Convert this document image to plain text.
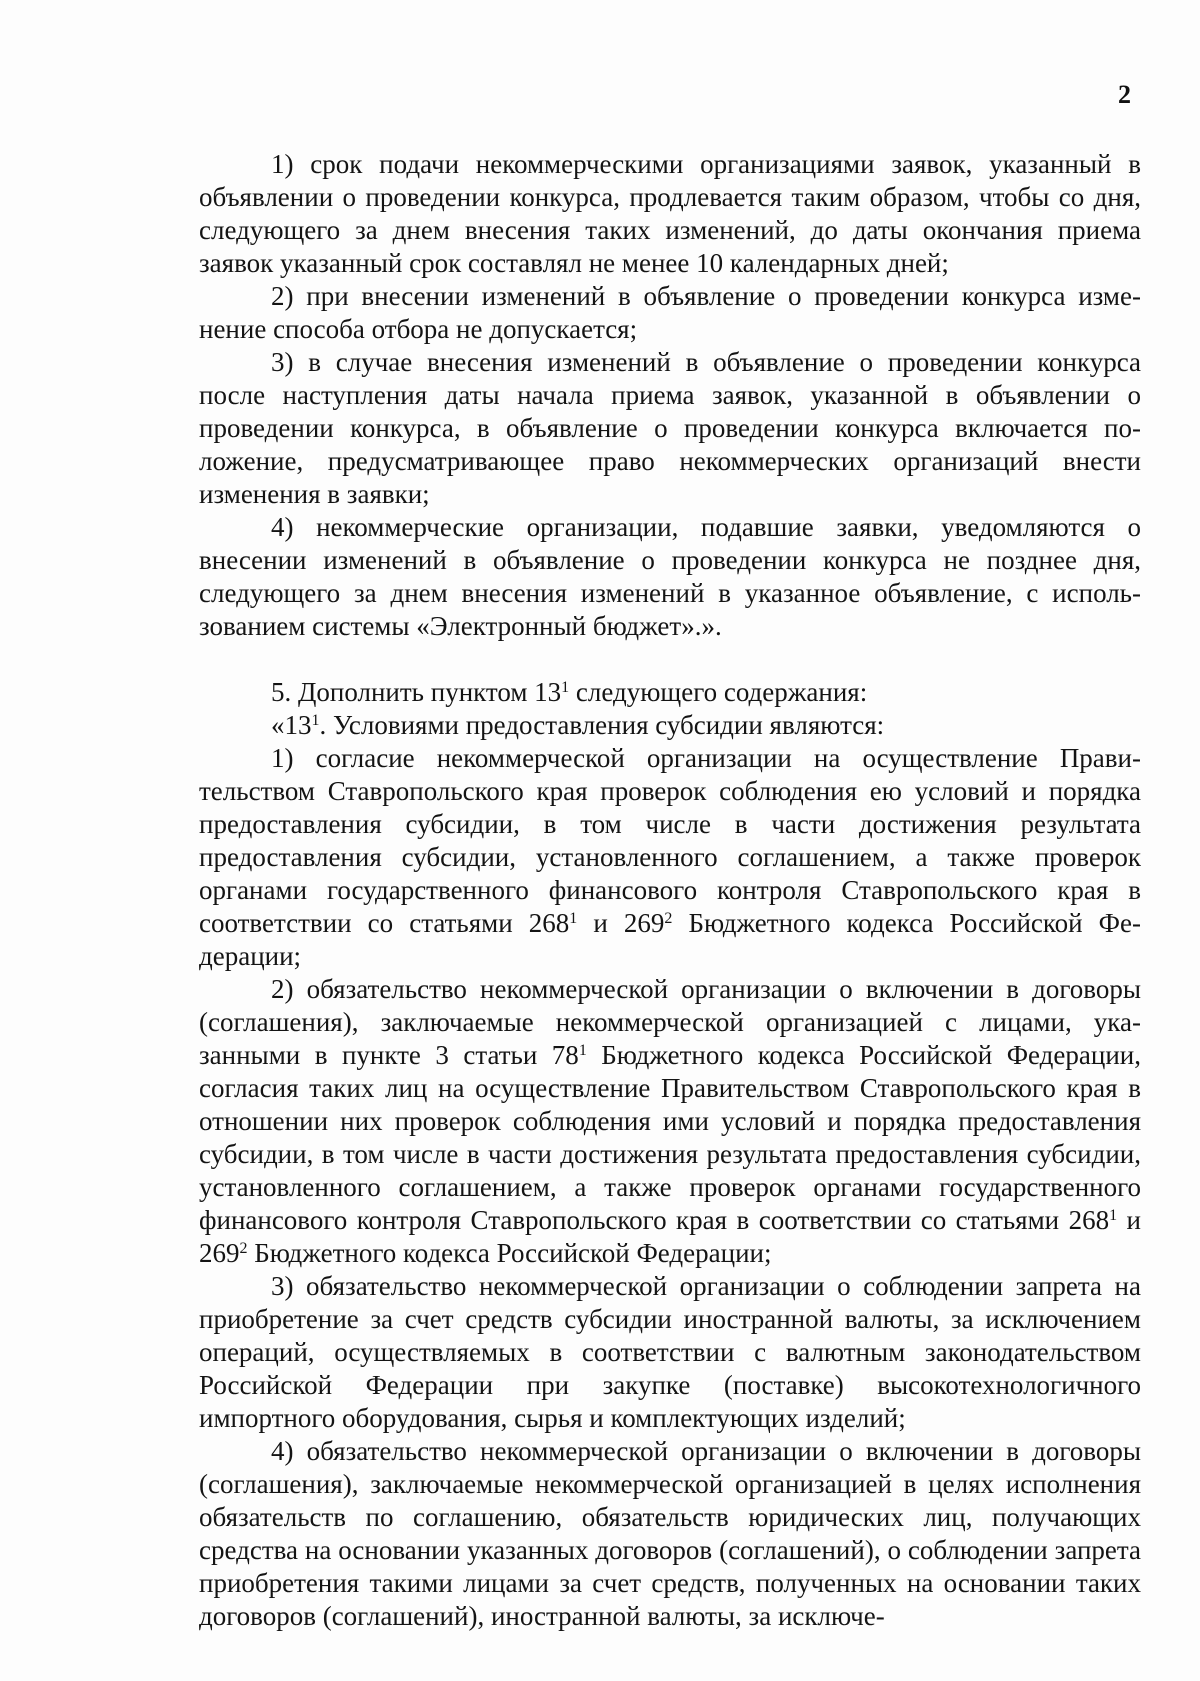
2

1) срок подачи некоммерческими организациями заявок, указанный в объявлении о проведении конкурса, продлевается таким образом, чтобы со дня, следующего за днем внесения таких изменений, до даты окончания приема заявок указанный срок составлял не менее 10 календарных дней;

2) при внесении изменений в объявление о проведении конкурса изменение способа отбора не допускается;

3) в случае внесения изменений в объявление о проведении конкурса после наступления даты начала приема заявок, указанной в объявлении о проведении конкурса, в объявление о проведении конкурса включается положение, предусматривающее право некоммерческих организаций внести изменения в заявки;

4) некоммерческие организации, подавшие заявки, уведомляются о внесении изменений в объявление о проведении конкурса не позднее дня, следующего за днем внесения изменений в указанное объявление, с использованием системы «Электронный бюджет».».

5. Дополнить пунктом $13^1$ следующего содержания:

«$13^1$. Условиями предоставления субсидии являются:

1) согласие некоммерческой организации на осуществление Правительством Ставропольского края проверок соблюдения ею условий и порядка предоставления субсидии, в том числе в части достижения результата предоставления субсидии, установленного соглашением, а также проверок органами государственного финансового контроля Ставропольского края в соответствии со статьями $268^1$ и $269^2$ Бюджетного кодекса Российской Федерации;

2) обязательство некоммерческой организации о включении в договоры (соглашения), заключаемые некоммерческой организацией с лицами, указанными в пункте 3 статьи $78^1$ Бюджетного кодекса Российской Федерации, согласия таких лиц на осуществление Правительством Ставропольского края в отношении них проверок соблюдения ими условий и порядка предоставления субсидии, в том числе в части достижения результата предоставления субсидии, установленного соглашением, а также проверок органами государственного финансового контроля Ставропольского края в соответствии со статьями $268^1$ и $269^2$ Бюджетного кодекса Российской Федерации;

3) обязательство некоммерческой организации о соблюдении запрета на приобретение за счет средств субсидии иностранной валюты, за исключением операций, осуществляемых в соответствии с валютным законодательством Российской Федерации при закупке (поставке) высокотехнологичного импортного оборудования, сырья и комплектующих изделий;

4) обязательство некоммерческой организации о включении в договоры (соглашения), заключаемые некоммерческой организацией в целях исполнения обязательств по соглашению, обязательств юридических лиц, получающих средства на основании указанных договоров (соглашений), о соблюдении запрета приобретения такими лицами за счет средств, полученных на основании таких договоров (соглашений), иностранной валюты, за исключе-
